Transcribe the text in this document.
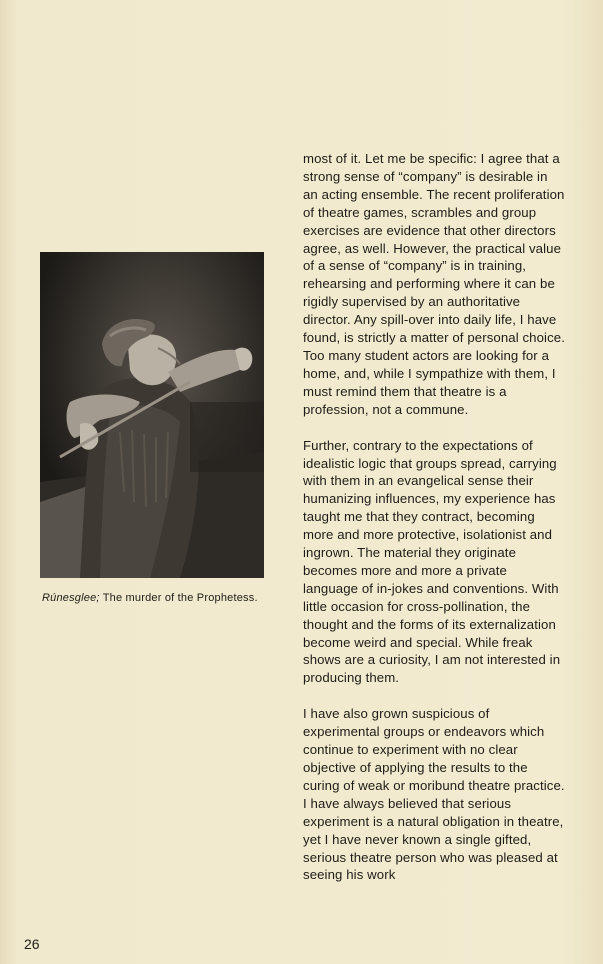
Rúnesglee; The murder of the Prophetess.

most of it. Let me be specific: I agree that a strong sense of “company” is desirable in an acting ensemble. The recent proliferation of theatre games, scrambles and group exercises are evidence that other directors agree, as well. However, the practical value of a sense of “company” is in training, rehearsing and performing where it can be rigidly supervised by an authoritative director. Any spill-over into daily life, I have found, is strictly a matter of personal choice. Too many student actors are looking for a home, and, while I sympathize with them, I must remind them that theatre is a profession, not a commune.

Further, contrary to the expectations of idealistic logic that groups spread, carrying with them in an evangelical sense their humanizing influences, my experience has taught me that they contract, becoming more and more protective, isolationist and ingrown. The material they originate becomes more and more a private language of in-jokes and conventions. With little occasion for cross-pollination, the thought and the forms of its externalization become weird and special. While freak shows are a curiosity, I am not interested in producing them.

I have also grown suspicious of experimental groups or endeavors which continue to experiment with no clear objective of applying the results to the curing of weak or moribund theatre practice. I have always believed that serious experiment is a natural obligation in theatre, yet I have never known a single gifted, serious theatre person who was pleased at seeing his work

26
